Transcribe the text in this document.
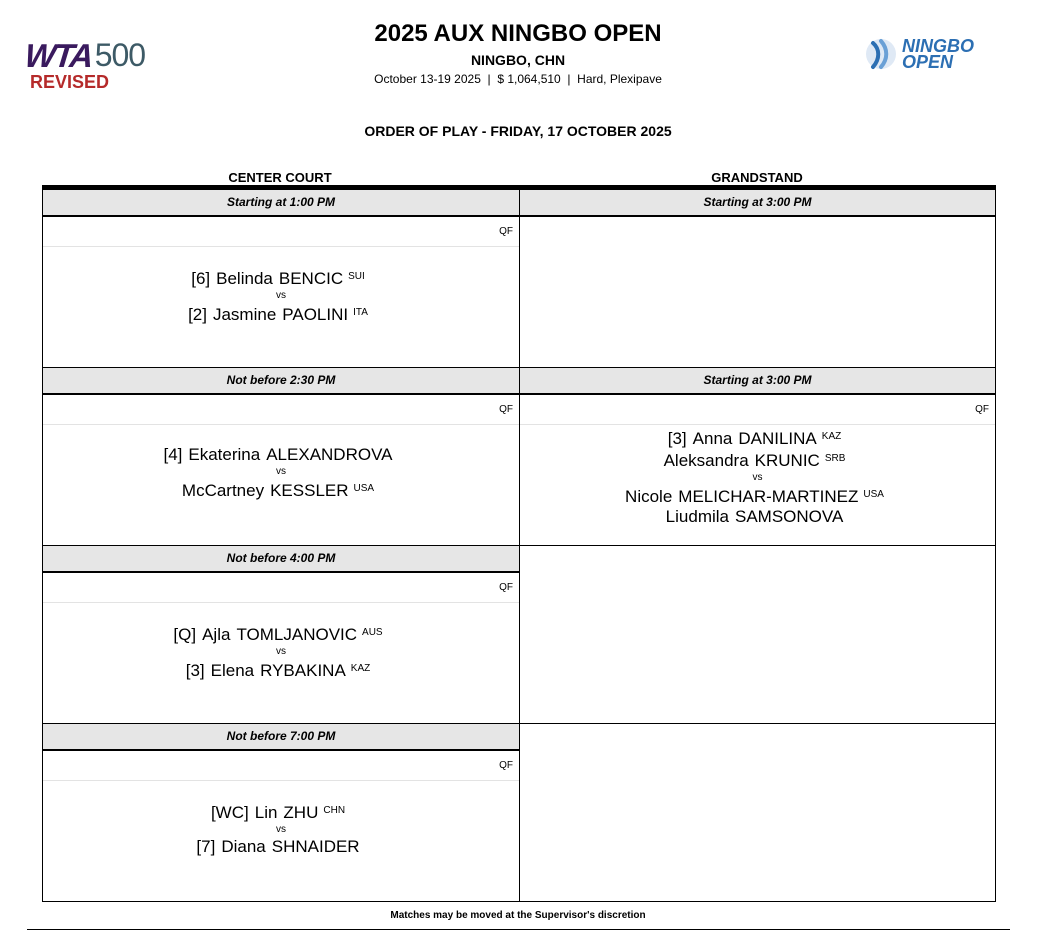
WTA 500
REVISED
2025 AUX NINGBO OPEN
NINGBO, CHN
October 13-19 2025  |  $ 1,064,510  |  Hard, Plexipave
NINGBO
OPEN
ORDER OF PLAY - FRIDAY, 17 OCTOBER 2025
CENTER COURT	GRANDSTAND
Starting at 1:00 PM
QF
[6] Belinda BENCIC $^{SUI}$
vs
[2] Jasmine PAOLINI $^{ITA}$
Not before 2:30 PM
QF
[4] Ekaterina ALEXANDROVA
vs
McCartney KESSLER $^{USA}$
Not before 4:00 PM
QF
[Q] Ajla TOMLJANOVIC $^{AUS}$
vs
[3] Elena RYBAKINA $^{KAZ}$
Not before 7:00 PM
QF
[WC] Lin ZHU $^{CHN}$
vs
[7] Diana SHNAIDER
Starting at 3:00 PM
Starting at 3:00 PM
QF
[3] Anna DANILINA $^{KAZ}$
Aleksandra KRUNIC $^{SRB}$
vs
Nicole MELICHAR-MARTINEZ $^{USA}$
Liudmila SAMSONOVA
Matches may be moved at the Supervisor's discretion
